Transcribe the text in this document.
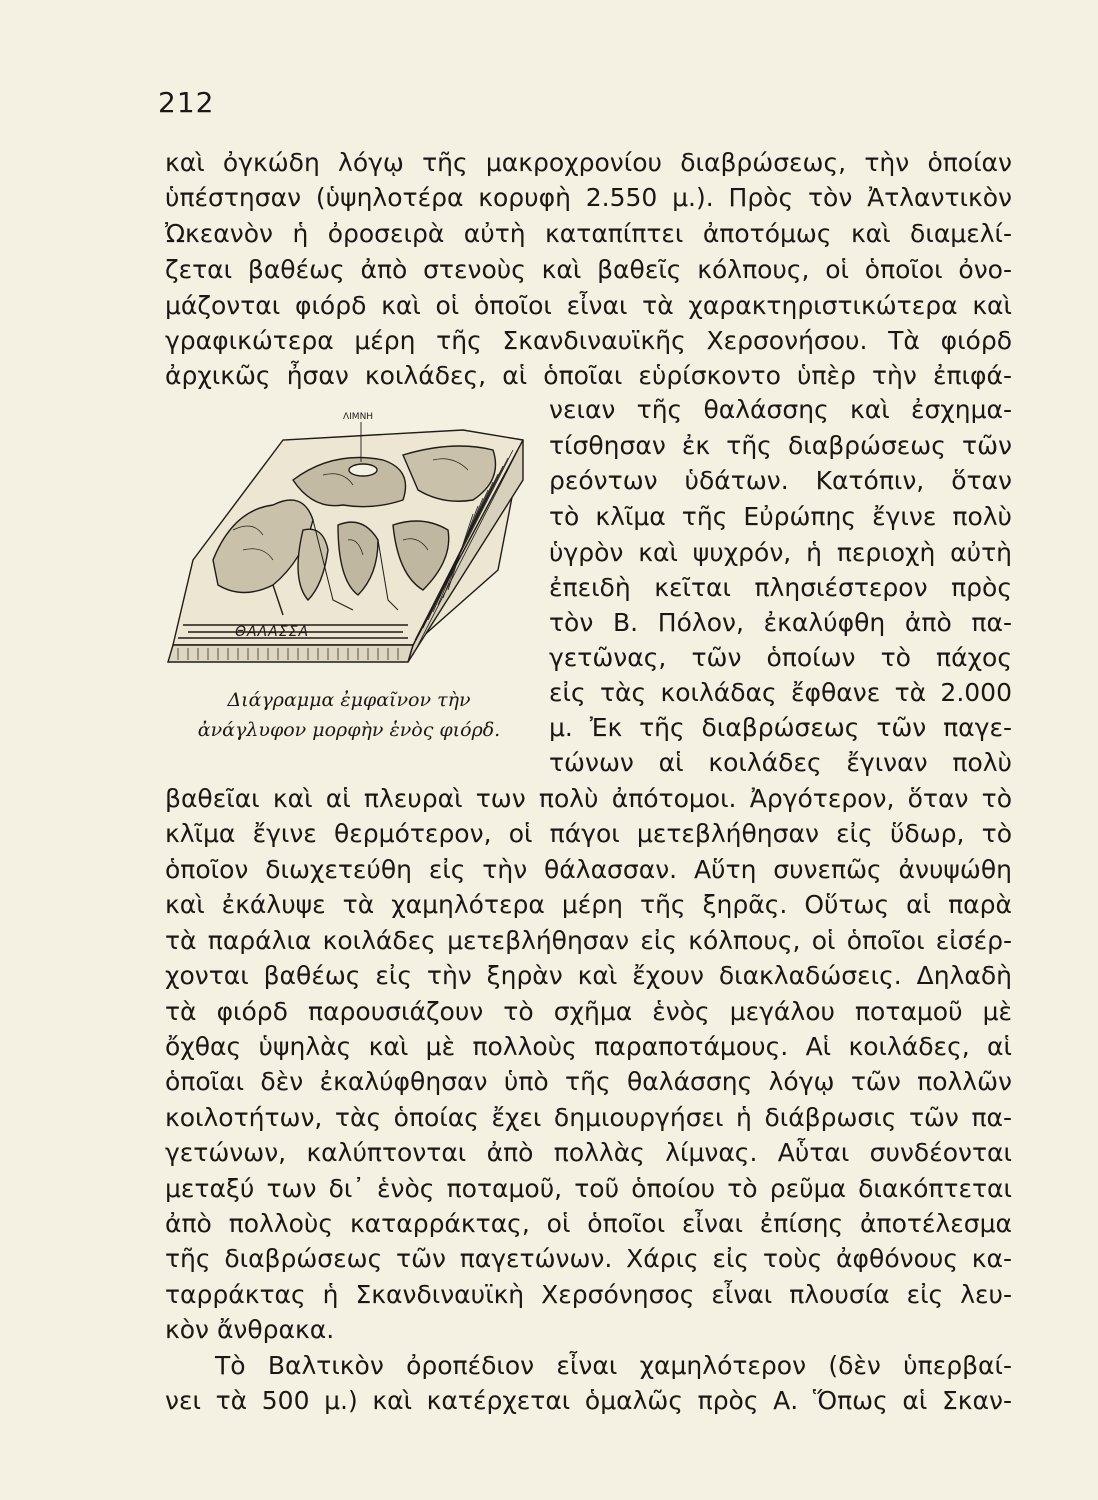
212
καὶ ὀγκώδη λόγῳ τῆς μακροχρονίου διαβρώσεως, τὴν ὁποίαν
ὑπέστησαν (ὑψηλοτέρα κορυφὴ 2.550 μ.). Πρὸς τὸν Ἀτλαντικὸν
Ὠκεανὸν ἡ ὀροσειρὰ αὐτὴ καταπίπτει ἀποτόμως καὶ διαμελί-
ζεται βαθέως ἀπὸ στενοὺς καὶ βαθεῖς κόλπους, οἱ ὁποῖοι ὀνο-
μάζονται φιόρδ καὶ οἱ ὁποῖοι εἶναι τὰ χαρακτηριστικώτερα καὶ
γραφικώτερα μέρη τῆς Σκανδιναυϊκῆς Χερσονήσου. Τὰ φιόρδ
ἀρχικῶς ἦσαν κοιλάδες, αἱ ὁποῖαι εὑρίσκοντο ὑπὲρ τὴν ἐπιφά-
ΛΙΜΝΗ
ΘΑΛΑΣΣΑ
Διάγραμμα ἐμφαῖνον τὴν
ἀνάγλυφον μορφὴν ἑνὸς φιόρδ.
νειαν τῆς θαλάσσης καὶ ἐσχημα-
τίσθησαν ἐκ τῆς διαβρώσεως τῶν
ρεόντων ὑδάτων. Κατόπιν, ὅταν
τὸ κλῖμα τῆς Εὐρώπης ἔγινε πολὺ
ὑγρὸν καὶ ψυχρόν, ἡ περιοχὴ αὐτὴ
ἐπειδὴ κεῖται πλησιέστερον πρὸς
τὸν Β. Πόλον, ἐκαλύφθη ἀπὸ πα-
γετῶνας, τῶν ὁποίων τὸ πάχος
εἰς τὰς κοιλάδας ἔφθανε τὰ 2.000
μ. Ἐκ τῆς διαβρώσεως τῶν παγε-
τώνων αἱ κοιλάδες ἔγιναν πολὺ
βαθεῖαι καὶ αἱ πλευραὶ των πολὺ ἀπότομοι. Ἀργότερον, ὅταν τὸ
κλῖμα ἔγινε θερμότερον, οἱ πάγοι μετεβλήθησαν εἰς ὕδωρ, τὸ
ὁποῖον διωχετεύθη εἰς τὴν θάλασσαν. Αὕτη συνεπῶς ἀνυψώθη
καὶ ἐκάλυψε τὰ χαμηλότερα μέρη τῆς ξηρᾶς. Οὕτως αἱ παρὰ
τὰ παράλια κοιλάδες μετεβλήθησαν εἰς κόλπους, οἱ ὁποῖοι εἰσέρ-
χονται βαθέως εἰς τὴν ξηρὰν καὶ ἔχουν διακλαδώσεις. Δηλαδὴ
τὰ φιόρδ παρουσιάζουν τὸ σχῆμα ἑνὸς μεγάλου ποταμοῦ μὲ
ὄχθας ὑψηλὰς καὶ μὲ πολλοὺς παραποτάμους. Αἱ κοιλάδες, αἱ
ὁποῖαι δὲν ἐκαλύφθησαν ὑπὸ τῆς θαλάσσης λόγῳ τῶν πολλῶν
κοιλοτήτων, τὰς ὁποίας ἔχει δημιουργήσει ἡ διάβρωσις τῶν πα-
γετώνων, καλύπτονται ἀπὸ πολλὰς λίμνας. Αὗται συνδέονται
μεταξύ των δι᾽ ἑνὸς ποταμοῦ, τοῦ ὁποίου τὸ ρεῦμα διακόπτεται
ἀπὸ πολλοὺς καταρράκτας, οἱ ὁποῖοι εἶναι ἐπίσης ἀποτέλεσμα
τῆς διαβρώσεως τῶν παγετώνων. Χάρις εἰς τοὺς ἀφθόνους κα-
ταρράκτας ἡ Σκανδιναυϊκὴ Χερσόνησος εἶναι πλουσία εἰς λευ-
κὸν ἄνθρακα.
Τὸ Βαλτικὸν ὀροπέδιον εἶναι χαμηλότερον (δὲν ὑπερβαί-
νει τὰ 500 μ.) καὶ κατέρχεται ὁμαλῶς πρὸς Α. Ὅπως αἱ Σκαν-
